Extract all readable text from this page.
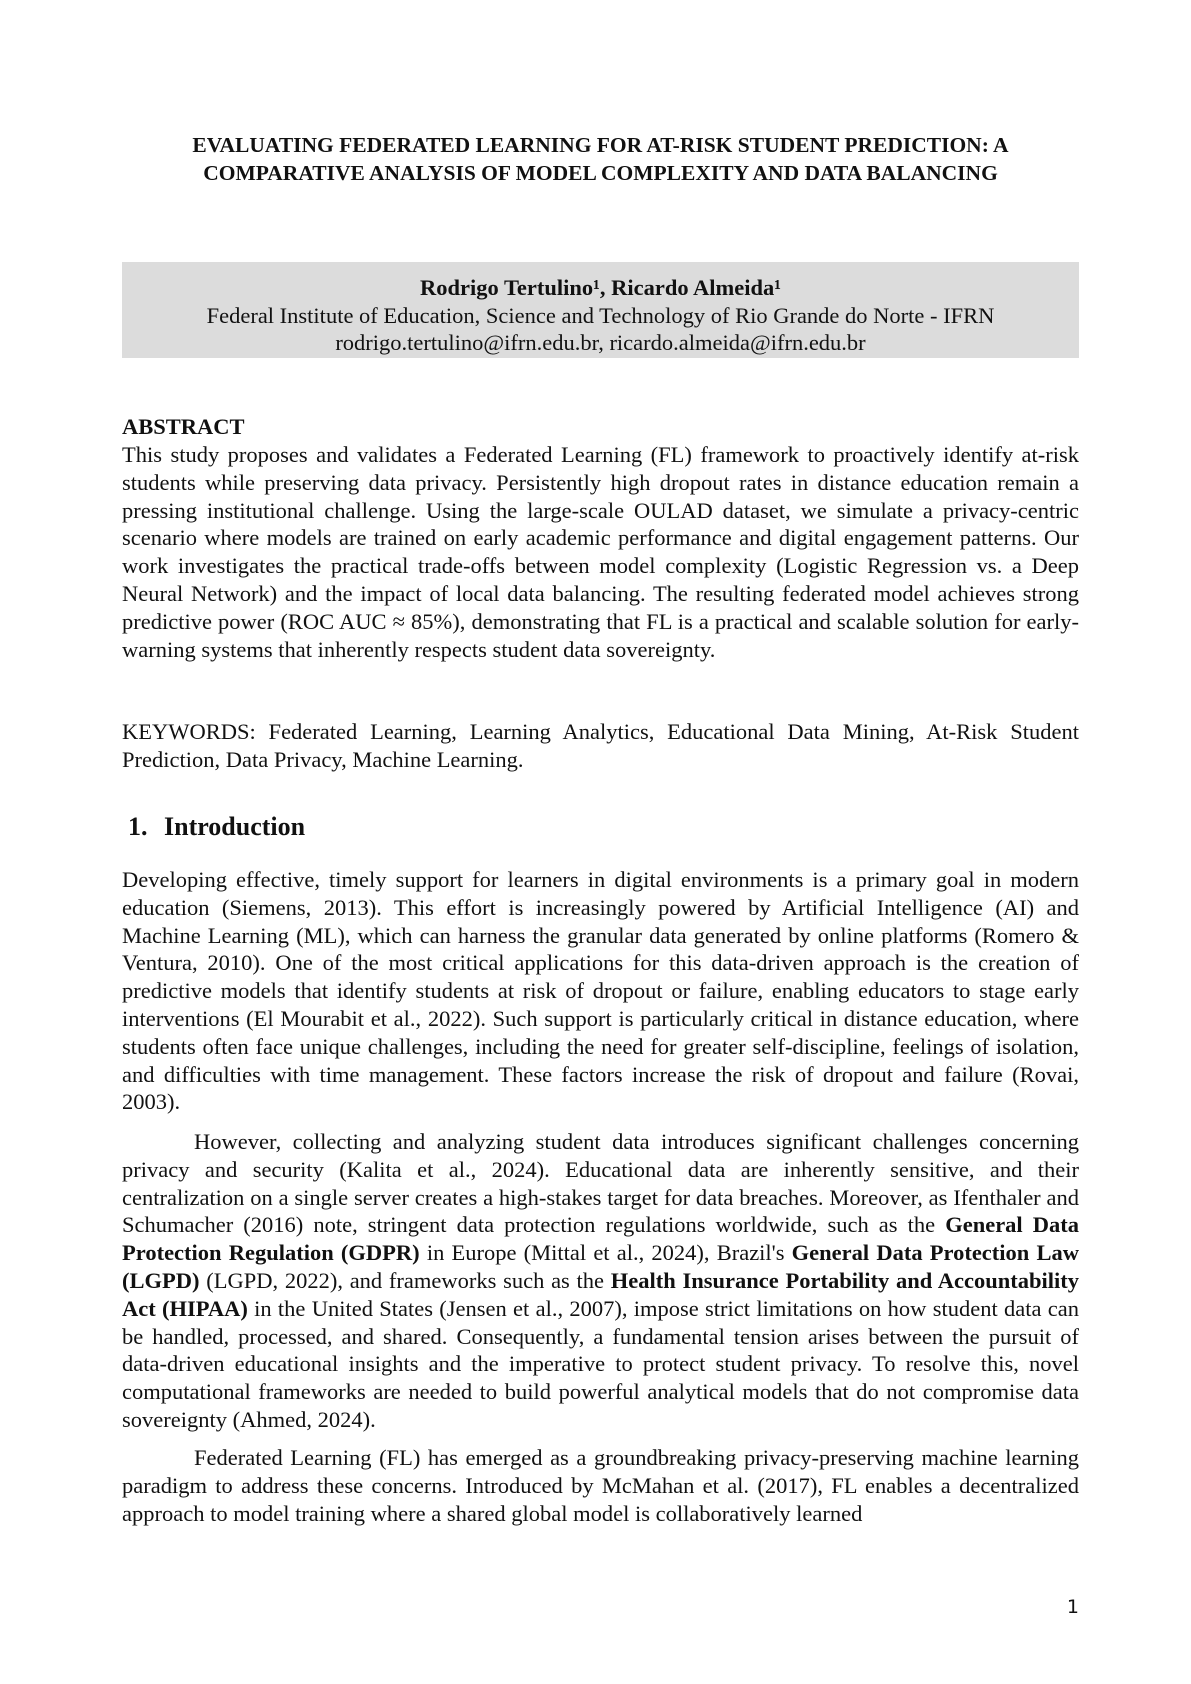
EVALUATING FEDERATED LEARNING FOR AT-RISK STUDENT PREDICTION: A
COMPARATIVE ANALYSIS OF MODEL COMPLEXITY AND DATA BALANCING
Rodrigo Tertulino¹, Ricardo Almeida¹
Federal Institute of Education, Science and Technology of Rio Grande do Norte - IFRN
rodrigo.tertulino@ifrn.edu.br, ricardo.almeida@ifrn.edu.br
ABSTRACT

This study proposes and validates a Federated Learning (FL) framework to proactively identify at-risk students while preserving data privacy. Persistently high dropout rates in distance education remain a pressing institutional challenge. Using the large-scale OULAD dataset, we simulate a privacy-centric scenario where models are trained on early academic performance and digital engagement patterns. Our work investigates the practical trade-offs between model complexity (Logistic Regression vs. a Deep Neural Network) and the impact of local data balancing. The resulting federated model achieves strong predictive power (ROC AUC ≈ 85%), demonstrating that FL is a practical and scalable solution for early-warning systems that inherently respects student data sovereignty.

KEYWORDS: Federated Learning, Learning Analytics, Educational Data Mining, At-Risk Student Prediction, Data Privacy, Machine Learning.

1. Introduction

Developing effective, timely support for learners in digital environments is a primary goal in modern education (Siemens, 2013). This effort is increasingly powered by Artificial Intelligence (AI) and Machine Learning (ML), which can harness the granular data generated by online platforms (Romero & Ventura, 2010). One of the most critical applications for this data-driven approach is the creation of predictive models that identify students at risk of dropout or failure, enabling educators to stage early interventions (El Mourabit et al., 2022). Such support is particularly critical in distance education, where students often face unique challenges, including the need for greater self-discipline, feelings of isolation, and difficulties with time management. These factors increase the risk of dropout and failure (Rovai, 2003).

However, collecting and analyzing student data introduces significant challenges concerning privacy and security (Kalita et al., 2024). Educational data are inherently sensitive, and their centralization on a single server creates a high-stakes target for data breaches. Moreover, as Ifenthaler and Schumacher (2016) note, stringent data protection regulations worldwide, such as the General Data Protection Regulation (GDPR) in Europe (Mittal et al., 2024), Brazil's General Data Protection Law (LGPD) (LGPD, 2022), and frameworks such as the Health Insurance Portability and Accountability Act (HIPAA) in the United States (Jensen et al., 2007), impose strict limitations on how student data can be handled, processed, and shared. Consequently, a fundamental tension arises between the pursuit of data-driven educational insights and the imperative to protect student privacy. To resolve this, novel computational frameworks are needed to build powerful analytical models that do not compromise data sovereignty (Ahmed, 2024).

Federated Learning (FL) has emerged as a groundbreaking privacy-preserving machine learning paradigm to address these concerns. Introduced by McMahan et al. (2017), FL enables a decentralized approach to model training where a shared global model is collaboratively learned

1
